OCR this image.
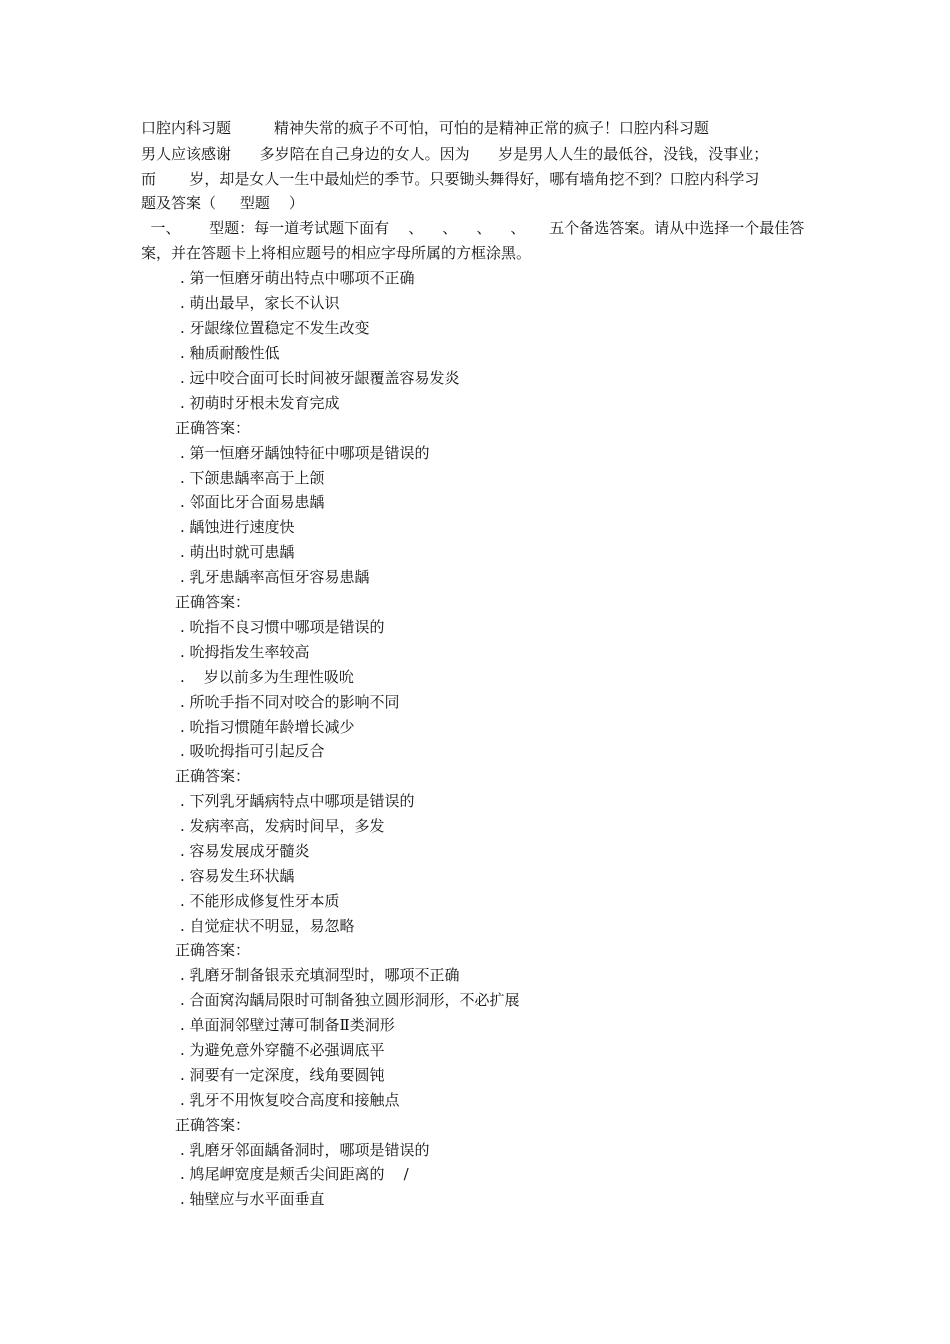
口腔内科习题         精神失常的疯子不可怕，可怕的是精神正常的疯子！口腔内科习题
男人应该感谢      多岁陪在自己身边的女人。因为      岁是男人人生的最低谷，没钱，没事业；
而       岁，却是女人一生中最灿烂的季节。只要锄头舞得好，哪有墙角挖不到？口腔内科学习
题及答案（     型题    ）
一、      型题：每一道考试题下面有    、    、    、    、     五个备选答案。请从中选择一个最佳答
案，并在答题卡上将相应题号的相应字母所属的方框涂黑。
. 第一恒磨牙萌出特点中哪项不正确
. 萌出最早，家长不认识
. 牙龈缘位置稳定不发生改变
. 釉质耐酸性低
. 远中咬合面可长时间被牙龈覆盖容易发炎
. 初萌时牙根未发育完成
正确答案：
. 第一恒磨牙龋蚀特征中哪项是错误的
. 下颌患龋率高于上颌
. 邻面比牙合面易患龋
. 龋蚀进行速度快
. 萌出时就可患龋
. 乳牙患龋率高恒牙容易患龋
正确答案：
. 吮指不良习惯中哪项是错误的
. 吮拇指发生率较高
.    岁以前多为生理性吸吮
. 所吮手指不同对咬合的影响不同
. 吮指习惯随年龄增长减少
. 吸吮拇指可引起反合
正确答案：
. 下列乳牙龋病特点中哪项是错误的
. 发病率高，发病时间早，多发
. 容易发展成牙髓炎
. 容易发生环状龋
. 不能形成修复性牙本质
. 自觉症状不明显，易忽略
正确答案：
. 乳磨牙制备银汞充填洞型时，哪项不正确
. 合面窝沟龋局限时可制备独立圆形洞形，不必扩展
. 单面洞邻壁过薄可制备Ⅱ类洞形
. 为避免意外穿髓不必强调底平
. 洞要有一定深度，线角要圆钝
. 乳牙不用恢复咬合高度和接触点
正确答案：
. 乳磨牙邻面龋备洞时，哪项是错误的
. 鸠尾岬宽度是颊舌尖间距离的    /
. 轴壁应与水平面垂直
